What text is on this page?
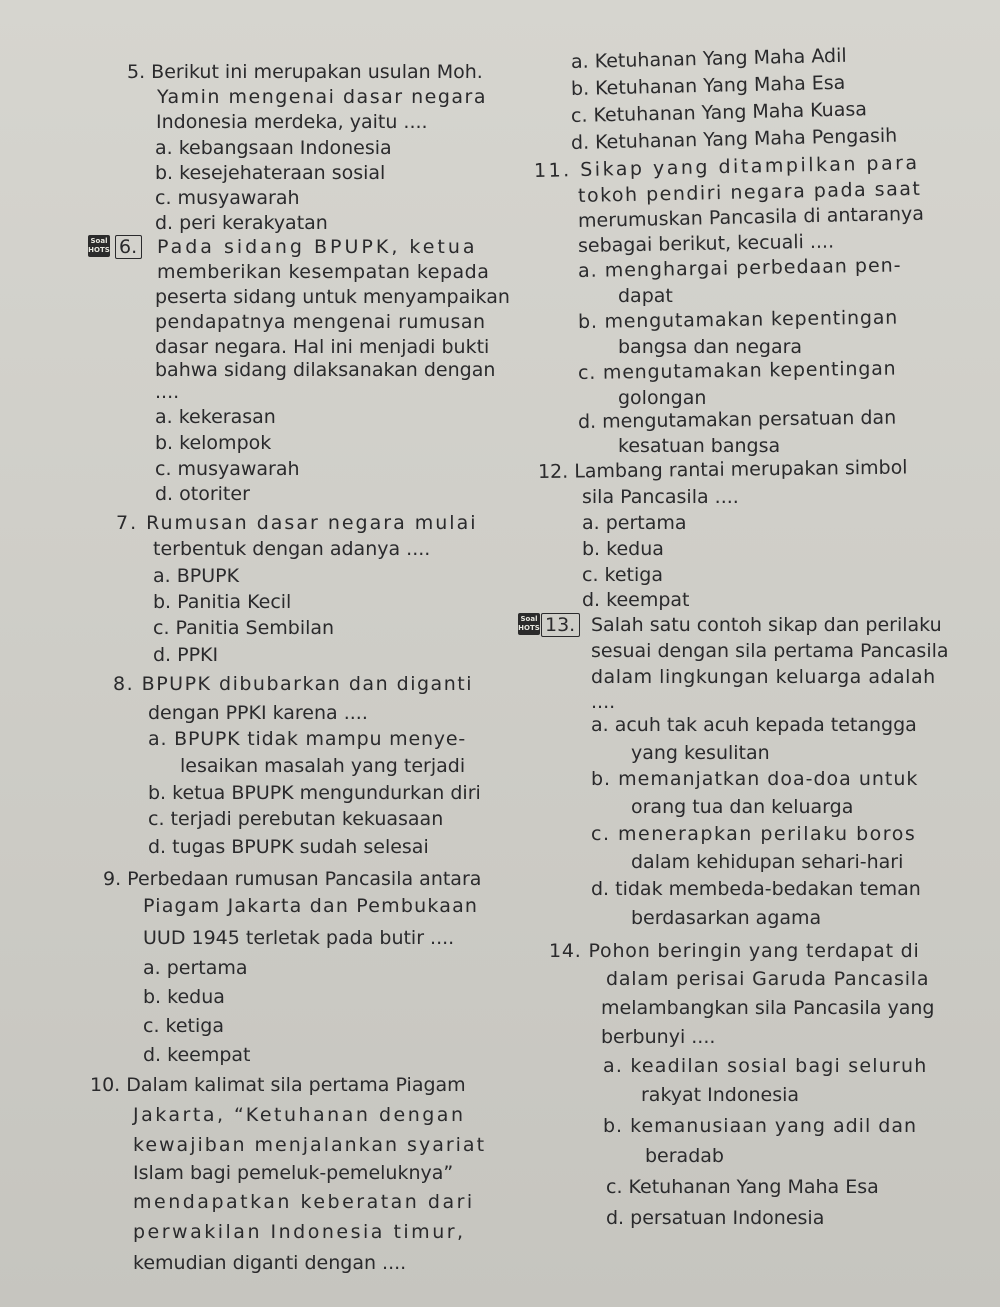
5. Berikut ini merupakan usulan Moh.
Yamin mengenai dasar negara
Indonesia merdeka, yaitu ....
a. kebangsaan Indonesia
b. kesejehateraan sosial
c. musyawarah
d. peri kerakyatan
Soal HOTS 6. Pada sidang BPUPK, ketua
memberikan kesempatan kepada
peserta sidang untuk menyampaikan
pendapatnya mengenai rumusan
dasar negara. Hal ini menjadi bukti
bahwa sidang dilaksanakan dengan
....
a. kekerasan
b. kelompok
c. musyawarah
d. otoriter
7. Rumusan dasar negara mulai
terbentuk dengan adanya ....
a. BPUPK
b. Panitia Kecil
c. Panitia Sembilan
d. PPKI
8. BPUPK dibubarkan dan diganti
dengan PPKI karena ....
a. BPUPK tidak mampu menye-
lesaikan masalah yang terjadi
b. ketua BPUPK mengundurkan diri
c. terjadi perebutan kekuasaan
d. tugas BPUPK sudah selesai
9. Perbedaan rumusan Pancasila antara
Piagam Jakarta dan Pembukaan
UUD 1945 terletak pada butir ....
a. pertama
b. kedua
c. ketiga
d. keempat
10. Dalam kalimat sila pertama Piagam
Jakarta, “Ketuhanan dengan
kewajiban menjalankan syariat
Islam bagi pemeluk-pemeluknya”
mendapatkan keberatan dari
perwakilan Indonesia timur,
kemudian diganti dengan ....
a. Ketuhanan Yang Maha Adil
b. Ketuhanan Yang Maha Esa
c. Ketuhanan Yang Maha Kuasa
d. Ketuhanan Yang Maha Pengasih
11. Sikap yang ditampilkan para
tokoh pendiri negara pada saat
merumuskan Pancasila di antaranya
sebagai berikut, kecuali ....
a. menghargai perbedaan pen-
dapat
b. mengutamakan kepentingan
bangsa dan negara
c. mengutamakan kepentingan
golongan
d. mengutamakan persatuan dan
kesatuan bangsa
12. Lambang rantai merupakan simbol
sila Pancasila ....
a. pertama
b. kedua
c. ketiga
d. keempat
Soal HOTS 13. Salah satu contoh sikap dan perilaku
sesuai dengan sila pertama Pancasila
dalam lingkungan keluarga adalah
....
a. acuh tak acuh kepada tetangga
yang kesulitan
b. memanjatkan doa-doa untuk
orang tua dan keluarga
c. menerapkan perilaku boros
dalam kehidupan sehari-hari
d. tidak membeda-bedakan teman
berdasarkan agama
14. Pohon beringin yang terdapat di
dalam perisai Garuda Pancasila
melambangkan sila Pancasila yang
berbunyi ....
a. keadilan sosial bagi seluruh
rakyat Indonesia
b. kemanusiaan yang adil dan
beradab
c. Ketuhanan Yang Maha Esa
d. persatuan Indonesia
